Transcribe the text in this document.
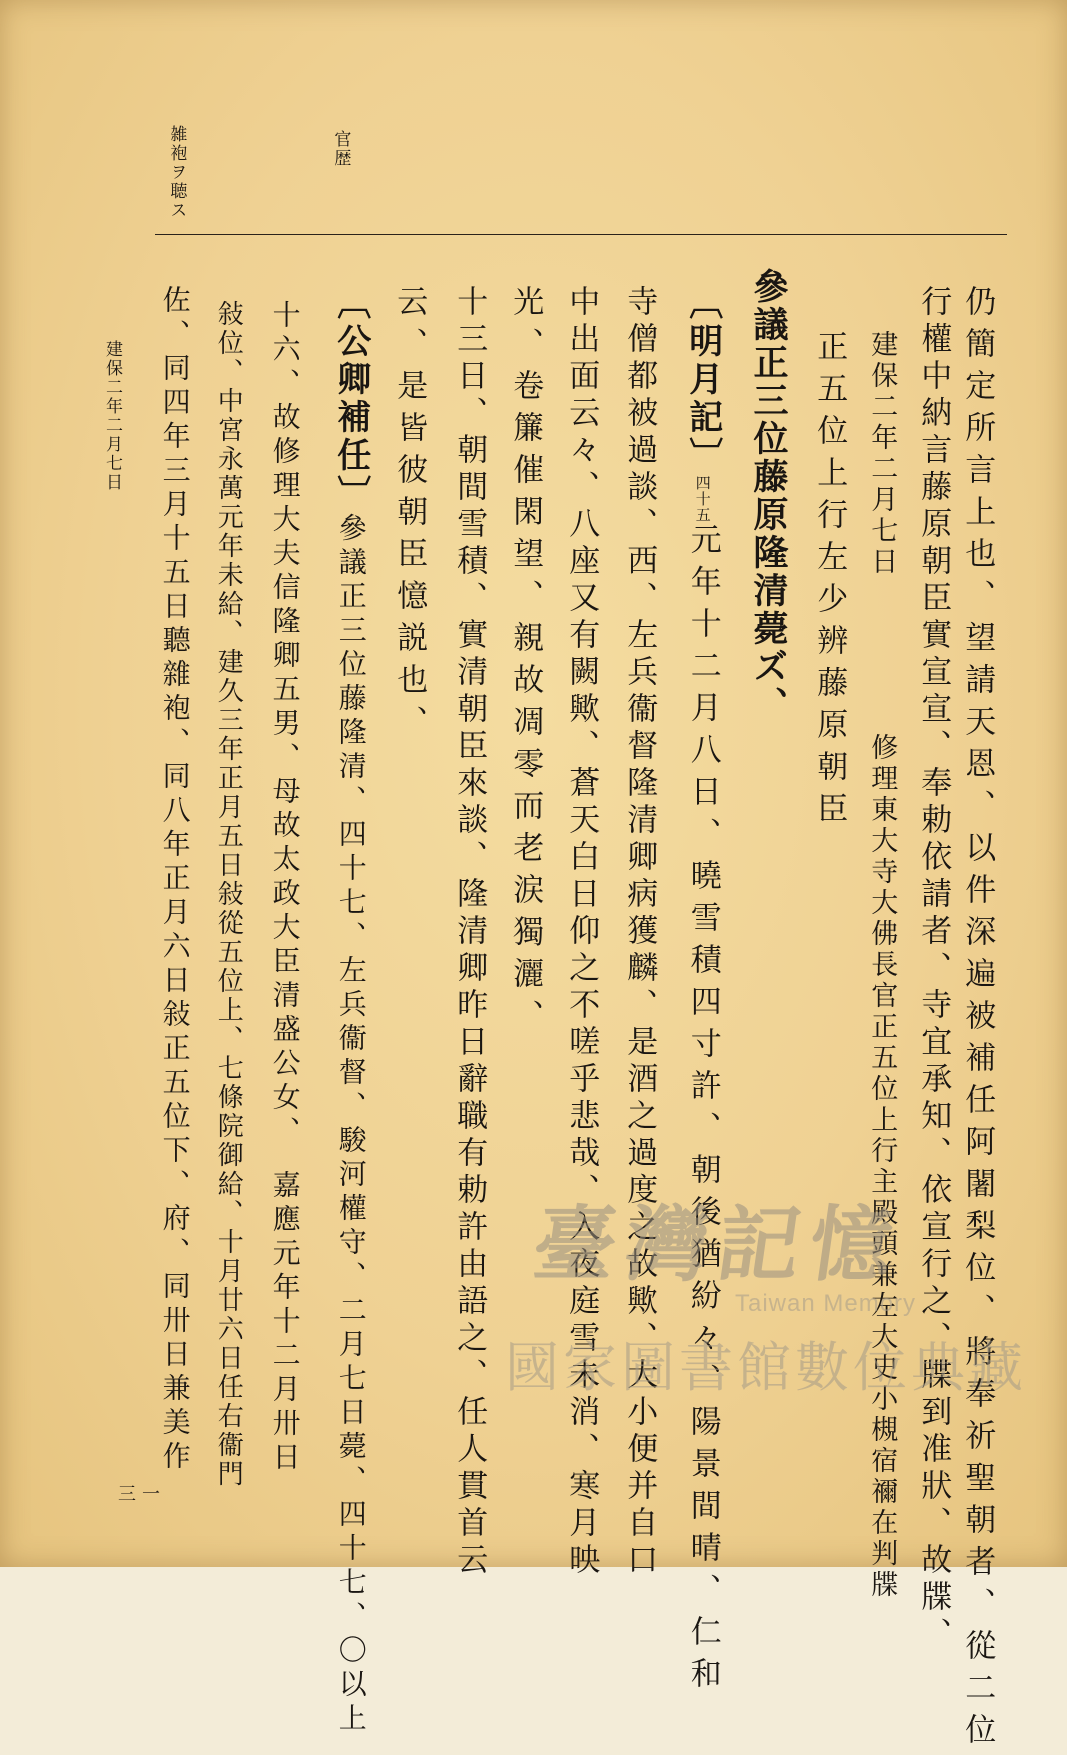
官歴
雑袍ヲ聴ス
仍簡定所言上也、望請天恩、以件深遍被補任阿闍梨位、將奉祈聖朝者、從二位
行權中納言藤原朝臣實宣宣、奉勅依請者、寺宜承知、依宣行之、牒到准狀、故牒、
建保二年二月七日　　　　　修理東大寺大佛長官正五位上行主殿頭兼左大史小槻宿禰在判牒
正五位上行左少辨藤原朝臣
參議正三位藤原隆清薨ズ、
〔明月記〕四十五元年十二月八日、曉雪積四寸許、朝後猶紛々、陽景間晴、仁和
寺僧都被過談、西、左兵衞督隆清卿病獲麟、是酒之過度之故歟、大小便并自口
中出面云々、八座又有闕歟、蒼天白日仰之不嗟乎悲哉、入夜庭雪未消、寒月映
光、卷簾催閑望、親故凋零而老涙獨灑、
十三日、朝間雪積、實清朝臣來談、隆清卿昨日辭職有勅許由語之、任人貫首云
云、是皆彼朝臣憶説也、
〔公卿補任〕參議正三位藤隆清、四十七、左兵衞督、駿河權守、二月七日薨、四十七、〇以上
十六、故修理大夫信隆卿五男、母故太政大臣清盛公女、　嘉應元年十二月卅日
敍位、中宮永萬元年未給、建久三年正月五日敍從五位上、七條院御給、十月廿六日任右衞門
佐、同四年三月十五日聽雜袍、同八年正月六日敍正五位下、府、同卅日兼美作
建保二年二月七日
三一
臺灣記憶
Taiwan Memory
國家圖書館數位典藏
